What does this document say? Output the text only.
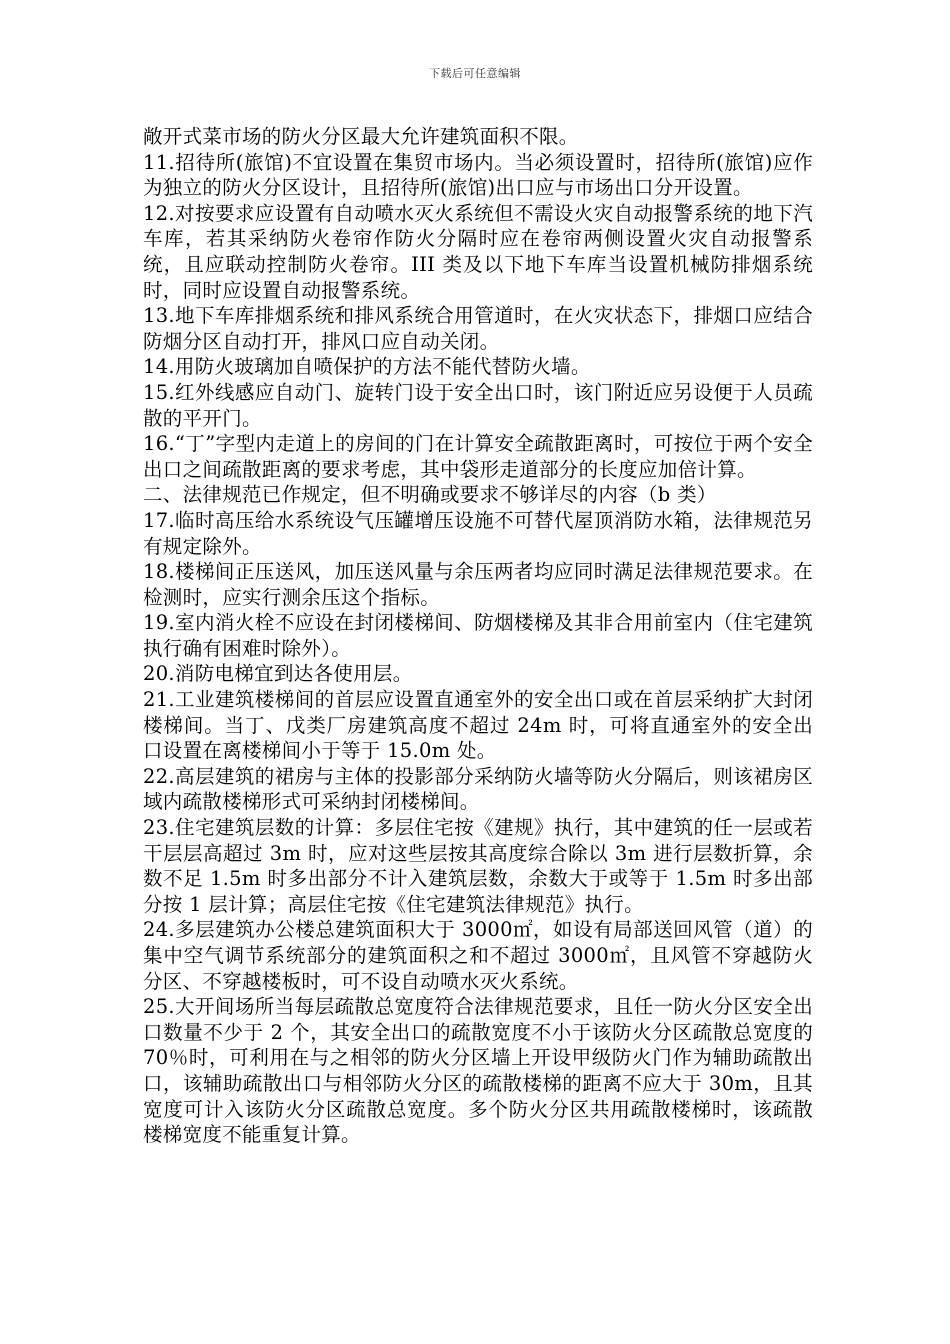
下载后可任意编辑

敞开式菜市场的防火分区最大允许建筑面积不限。

11.招待所(旅馆)不宜设置在集贸市场内。当必须设置时，招待所(旅馆)应作为独立的防火分区设计，且招待所(旅馆)出口应与市场出口分开设置。

12.对按要求应设置有自动喷水灭火系统但不需设火灾自动报警系统的地下汽车库，若其采纳防火卷帘作防火分隔时应在卷帘两侧设置火灾自动报警系统，且应联动控制防火卷帘。III 类及以下地下车库当设置机械防排烟系统时，同时应设置自动报警系统。

13.地下车库排烟系统和排风系统合用管道时，在火灾状态下，排烟口应结合防烟分区自动打开，排风口应自动关闭。

14.用防火玻璃加自喷保护的方法不能代替防火墙。

15.红外线感应自动门、旋转门设于安全出口时，该门附近应另设便于人员疏散的平开门。

16.“丁”字型内走道上的房间的门在计算安全疏散距离时，可按位于两个安全出口之间疏散距离的要求考虑，其中袋形走道部分的长度应加倍计算。

二、法律规范已作规定，但不明确或要求不够详尽的内容（b 类）

17.临时高压给水系统设气压罐增压设施不可替代屋顶消防水箱，法律规范另有规定除外。

18.楼梯间正压送风，加压送风量与余压两者均应同时满足法律规范要求。在检测时，应实行测余压这个指标。

19.室内消火栓不应设在封闭楼梯间、防烟楼梯及其非合用前室内（住宅建筑执行确有困难时除外）。

20.消防电梯宜到达各使用层。

21.工业建筑楼梯间的首层应设置直通室外的安全出口或在首层采纳扩大封闭楼梯间。当丁、戊类厂房建筑高度不超过 24m 时，可将直通室外的安全出口设置在离楼梯间小于等于 15.0m 处。

22.高层建筑的裙房与主体的投影部分采纳防火墙等防火分隔后，则该裙房区域内疏散楼梯形式可采纳封闭楼梯间。

23.住宅建筑层数的计算：多层住宅按《建规》执行，其中建筑的任一层或若干层层高超过 3m 时，应对这些层按其高度综合除以 3m 进行层数折算，余数不足 1.5m 时多出部分不计入建筑层数，余数大于或等于 1.5m 时多出部分按 1 层计算；高层住宅按《住宅建筑法律规范》执行。

24.多层建筑办公楼总建筑面积大于 3000㎡，如设有局部送回风管（道）的集中空气调节系统部分的建筑面积之和不超过 3000㎡，且风管不穿越防火分区、不穿越楼板时，可不设自动喷水灭火系统。

25.大开间场所当每层疏散总宽度符合法律规范要求，且任一防火分区安全出口数量不少于 2 个，其安全出口的疏散宽度不小于该防火分区疏散总宽度的 70％时，可利用在与之相邻的防火分区墙上开设甲级防火门作为辅助疏散出口，该辅助疏散出口与相邻防火分区的疏散楼梯的距离不应大于 30m，且其宽度可计入该防火分区疏散总宽度。多个防火分区共用疏散楼梯时，该疏散楼梯宽度不能重复计算。
